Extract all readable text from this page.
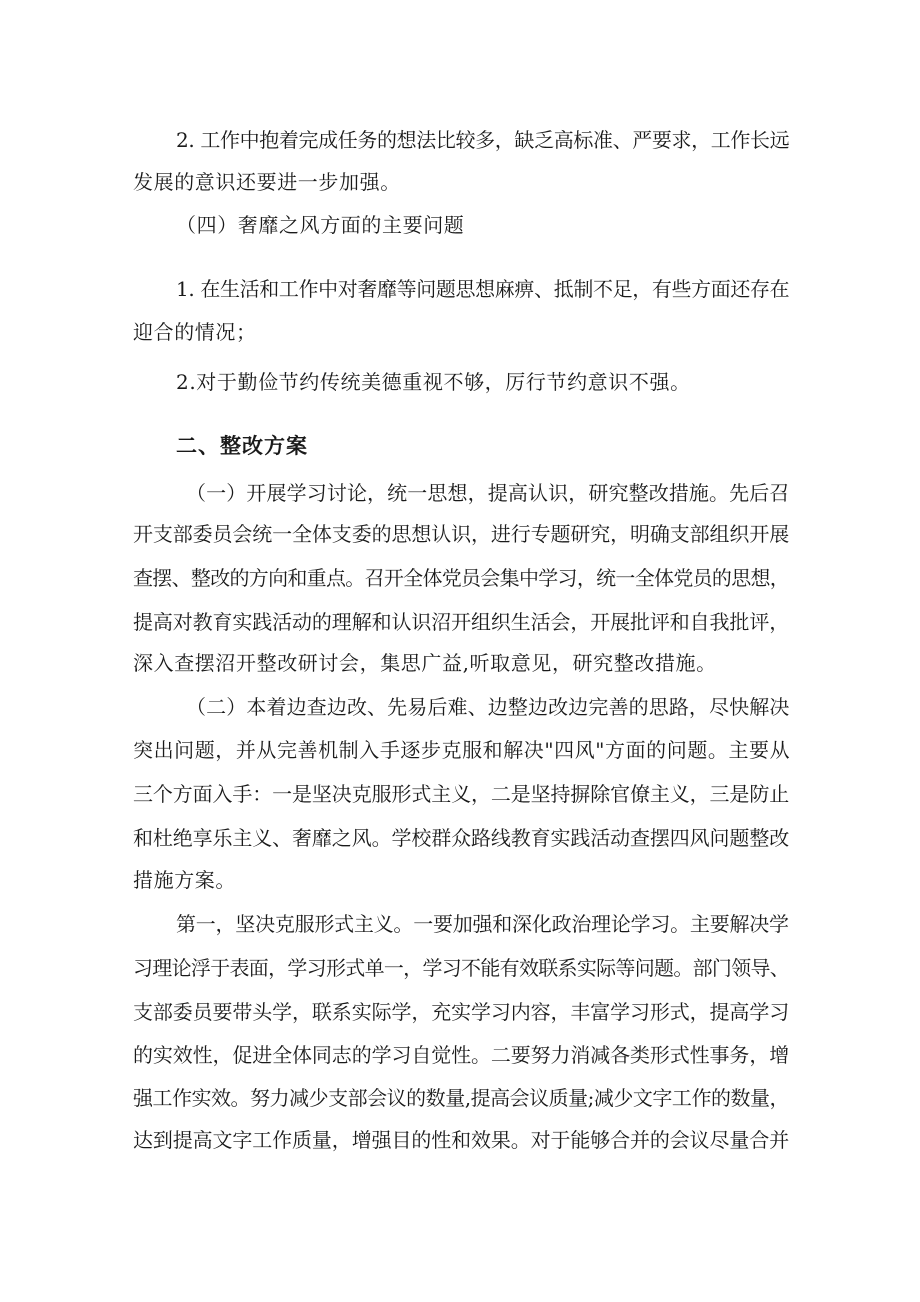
2. 工作中抱着完成任务的想法比较多，缺乏高标准、严要求，工作长远
发展的意识还要进一步加强。
（四）奢靡之风方面的主要问题
1. 在生活和工作中对奢靡等问题思想麻痹、抵制不足，有些方面还存在
迎合的情况；
2.对于勤俭节约传统美德重视不够，厉行节约意识不强。
二、整改方案
（一）开展学习讨论，统一思想，提高认识，研究整改措施。先后召
开支部委员会统一全体支委的思想认识，进行专题研究，明确支部组织开展
查摆、整改的方向和重点。召开全体党员会集中学习，统一全体党员的思想，
提高对教育实践活动的理解和认识沼开组织生活会，开展批评和自我批评，
深入查摆沼开整改研讨会，集思广益,听取意见，研究整改措施。
（二）本着边查边改、先易后难、边整边改边完善的思路，尽快解决
突出问题，并从完善机制入手逐步克服和解决"四风"方面的问题。主要从
三个方面入手：一是坚决克服形式主义，二是坚持摒除官僚主义，三是防止
和杜绝享乐主义、奢靡之风。学校群众路线教育实践活动查摆四风问题整改
措施方案。
第一，坚决克服形式主义。一要加强和深化政治理论学习。主要解决学
习理论浮于表面，学习形式单一，学习不能有效联系实际等问题。部门领导、
支部委员要带头学，联系实际学，充实学习内容，丰富学习形式，提高学习
的实效性，促进全体同志的学习自觉性。二要努力消减各类形式性事务，增
强工作实效。努力减少支部会议的数量,提高会议质量;减少文字工作的数量，
达到提高文字工作质量，增强目的性和效果。对于能够合并的会议尽量合并
